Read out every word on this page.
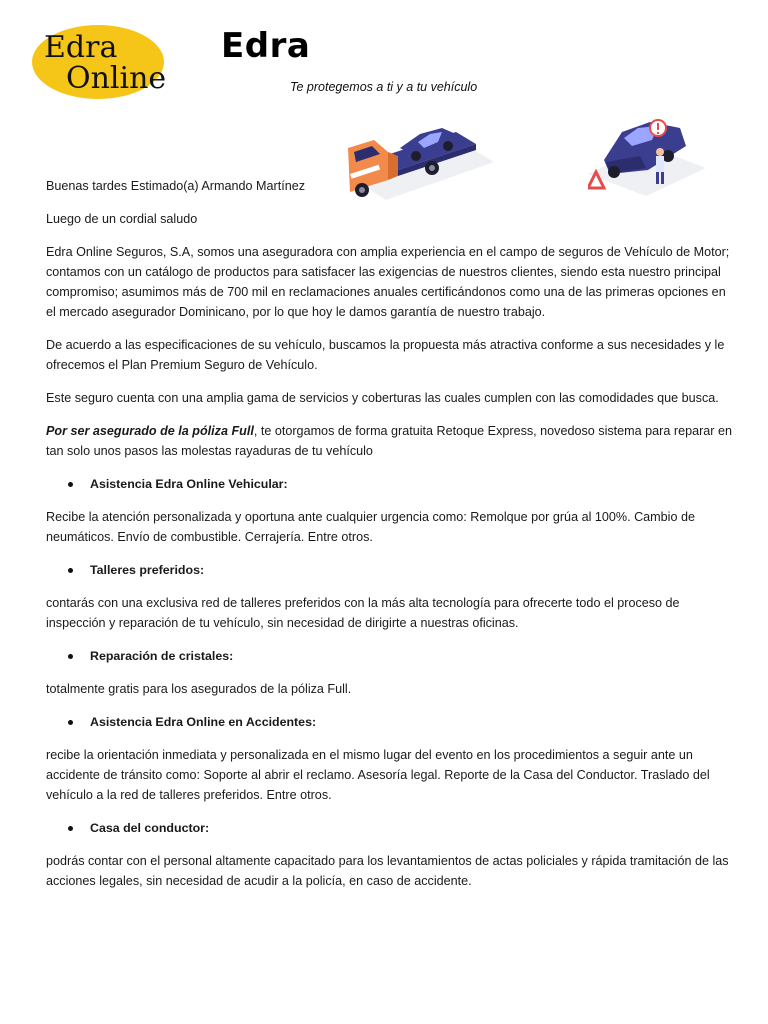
Edra
Online
Edra

Te protegemos a ti y a tu vehículo

Buenas tardes Estimado(a) Armando Martínez

Luego de un cordial saludo

Edra Online Seguros, S.A, somos una aseguradora con amplia experiencia en el campo de seguros de Vehículo de Motor; contamos con un catálogo de productos para satisfacer las exigencias de nuestros clientes, siendo esta nuestro principal compromiso; asumimos más de 700 mil en reclamaciones anuales certificándonos como una de las primeras opciones en el mercado asegurador Dominicano, por lo que hoy le damos garantía de nuestro trabajo.

De acuerdo a las especificaciones de su vehículo, buscamos la propuesta más atractiva conforme a sus necesidades y le ofrecemos el Plan Premium Seguro de Vehículo.

Este seguro cuenta con una amplia gama de servicios y coberturas las cuales cumplen con las comodidades que busca.

Por ser asegurado de la póliza Full, te otorgamos de forma gratuita Retoque Express, novedoso sistema para reparar en tan solo unos pasos las molestas rayaduras de tu vehículo

Asistencia Edra Online Vehicular:

Recibe la atención personalizada y oportuna ante cualquier urgencia como: Remolque por grúa al 100%. Cambio de neumáticos. Envío de combustible. Cerrajería. Entre otros.

Talleres preferidos:

contarás con una exclusiva red de talleres preferidos con la más alta tecnología para ofrecerte todo el proceso de inspección y reparación de tu vehículo, sin necesidad de dirigirte a nuestras oficinas.

Reparación de cristales:

totalmente gratis para los asegurados de la póliza Full.

Asistencia Edra Online en Accidentes:

recibe la orientación inmediata y personalizada en el mismo lugar del evento en los procedimientos a seguir ante un accidente de tránsito como: Soporte al abrir el reclamo. Asesoría legal. Reporte de la Casa del Conductor. Traslado del vehículo a la red de talleres preferidos. Entre otros.

Casa del conductor:

podrás contar con el personal altamente capacitado para los levantamientos de actas policiales y rápida tramitación de las acciones legales, sin necesidad de acudir a la policía, en caso de accidente.
